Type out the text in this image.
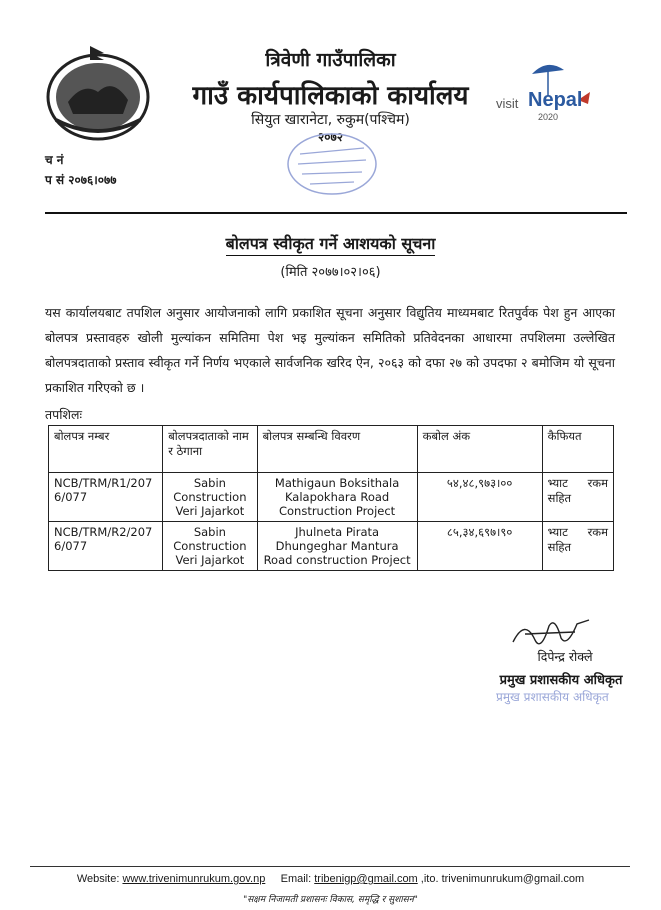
त्रिवेणी गाउँपालिका
गाउँ कार्यपालिकाको कार्यालय
सियुत खारानेटा, रुकुम(पश्चिम)
२०७२
visit Nepal
2020
च नं
प सं २०७६।०७७
बोलपत्र स्वीकृत गर्ने आशयको सूचना
(मिति २०७७।०२।०६)
यस कार्यालयबाट तपशिल अनुसार आयोजनाको लागि प्रकाशित सूचना अनुसार विद्युतिय माध्यमबाट रितपुर्वक पेश हुन आएका बोलपत्र प्रस्तावहरु खोली मुल्यांकन समितिमा पेश भइ मुल्यांकन समितिको प्रतिवेदनका आधारमा तपशिलमा उल्लेखित बोलपत्रदाताको प्रस्ताव स्वीकृत गर्ने निर्णय भएकाले सार्वजनिक खरिद ऐन, २०६३ को दफा २७ को उपदफा २ बमोजिम यो सूचना प्रकाशित गरिएको छ ।
तपशिलः
बोलपत्र नम्बर	बोलपत्रदाताको नाम र ठेगाना	बोलपत्र सम्बन्धि विवरण	कबोल अंक	कैफियत
NCB/TRM/R1/2076/077	Sabin Construction Veri Jajarkot	Mathigaun Boksithala Kalapokhara Road Construction Project	५४,४८,९७३।००	भ्याट रकम सहित
NCB/TRM/R2/2076/077	Sabin Construction Veri Jajarkot	Jhulneta Pirata Dhungeghar Mantura Road construction Project	८५,३४,६९७।९०	भ्याट रकम सहित
दिपेन्द्र रोक्ले
प्रमुख प्रशासकीय अधिकृत
प्रमुख प्रशासकीय अधिकृत
Website: www.trivenimunrukum.gov.np Email: tribenigp@gmail.com ,ito. trivenimunrukum@gmail.com
"सक्षम निजामती प्रशासनः विकास, समृद्धि र सुशासन"
